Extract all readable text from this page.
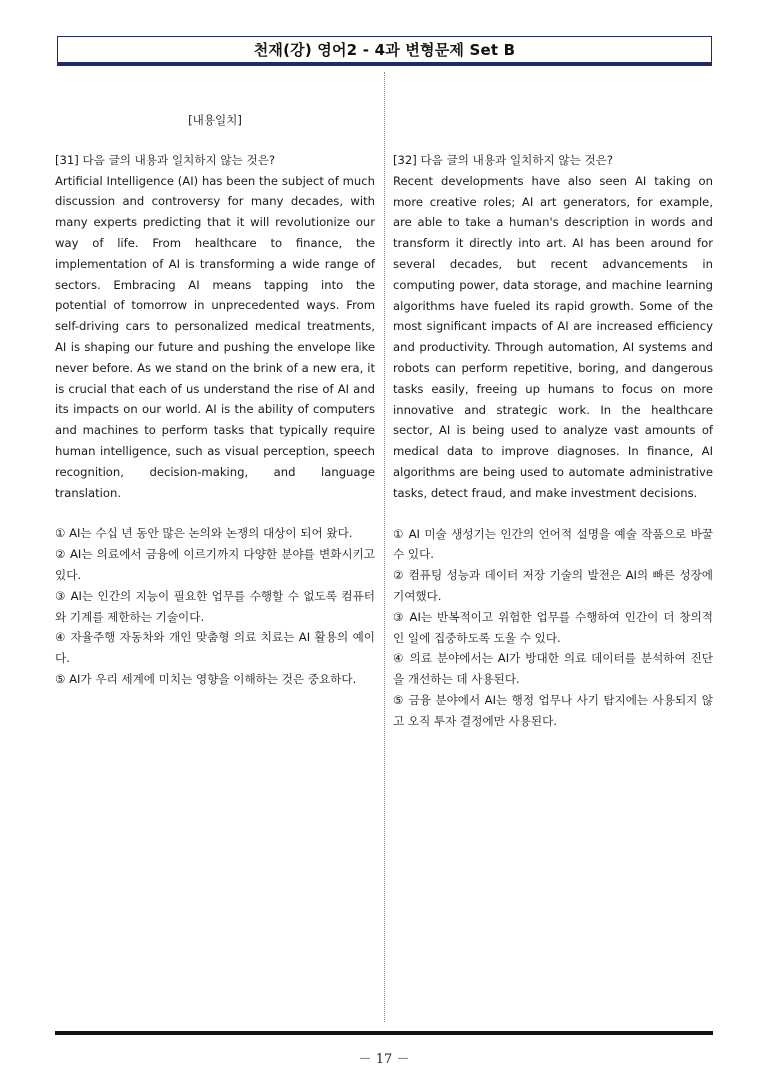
천재(강) 영어2 - 4과 변형문제 Set B

[내용일치]

[31] 다음 글의 내용과 일치하지 않는 것은?

Artificial Intelligence (AI) has been the subject of much discussion and controversy for many decades, with many experts predicting that it will revolutionize our way of life. From healthcare to finance, the implementation of AI is transforming a wide range of sectors. Embracing AI means tapping into the potential of tomorrow in unprecedented ways. From self-driving cars to personalized medical treatments, AI is shaping our future and pushing the envelope like never before. As we stand on the brink of a new era, it is crucial that each of us understand the rise of AI and its impacts on our world. AI is the ability of computers and machines to perform tasks that typically require human intelligence, such as visual perception, speech recognition, decision-making, and language translation.

① AI는 수십 년 동안 많은 논의와 논쟁의 대상이 되어 왔다.
② AI는 의료에서 금융에 이르기까지 다양한 분야를 변화시키고 있다.
③ AI는 인간의 지능이 필요한 업무를 수행할 수 없도록 컴퓨터와 기계를 제한하는 기술이다.
④ 자율주행 자동차와 개인 맞춤형 의료 치료는 AI 활용의 예이다.
⑤ AI가 우리 세계에 미치는 영향을 이해하는 것은 중요하다.

[32] 다음 글의 내용과 일치하지 않는 것은?

Recent developments have also seen AI taking on more creative roles; AI art generators, for example, are able to take a human's description in words and transform it directly into art. AI has been around for several decades, but recent advancements in computing power, data storage, and machine learning algorithms have fueled its rapid growth. Some of the most significant impacts of AI are increased efficiency and productivity. Through automation, AI systems and robots can perform repetitive, boring, and dangerous tasks easily, freeing up humans to focus on more innovative and strategic work. In the healthcare sector, AI is being used to analyze vast amounts of medical data to improve diagnoses. In finance, AI algorithms are being used to automate administrative tasks, detect fraud, and make investment decisions.

① AI 미술 생성기는 인간의 언어적 설명을 예술 작품으로 바꿀 수 있다.
② 컴퓨팅 성능과 데이터 저장 기술의 발전은 AI의 빠른 성장에 기여했다.
③ AI는 반복적이고 위험한 업무를 수행하여 인간이 더 창의적인 일에 집중하도록 도울 수 있다.
④ 의료 분야에서는 AI가 방대한 의료 데이터를 분석하여 진단을 개선하는 데 사용된다.
⑤ 금융 분야에서 AI는 행정 업무나 사기 탐지에는 사용되지 않고 오직 투자 결정에만 사용된다.
－ 17 －
